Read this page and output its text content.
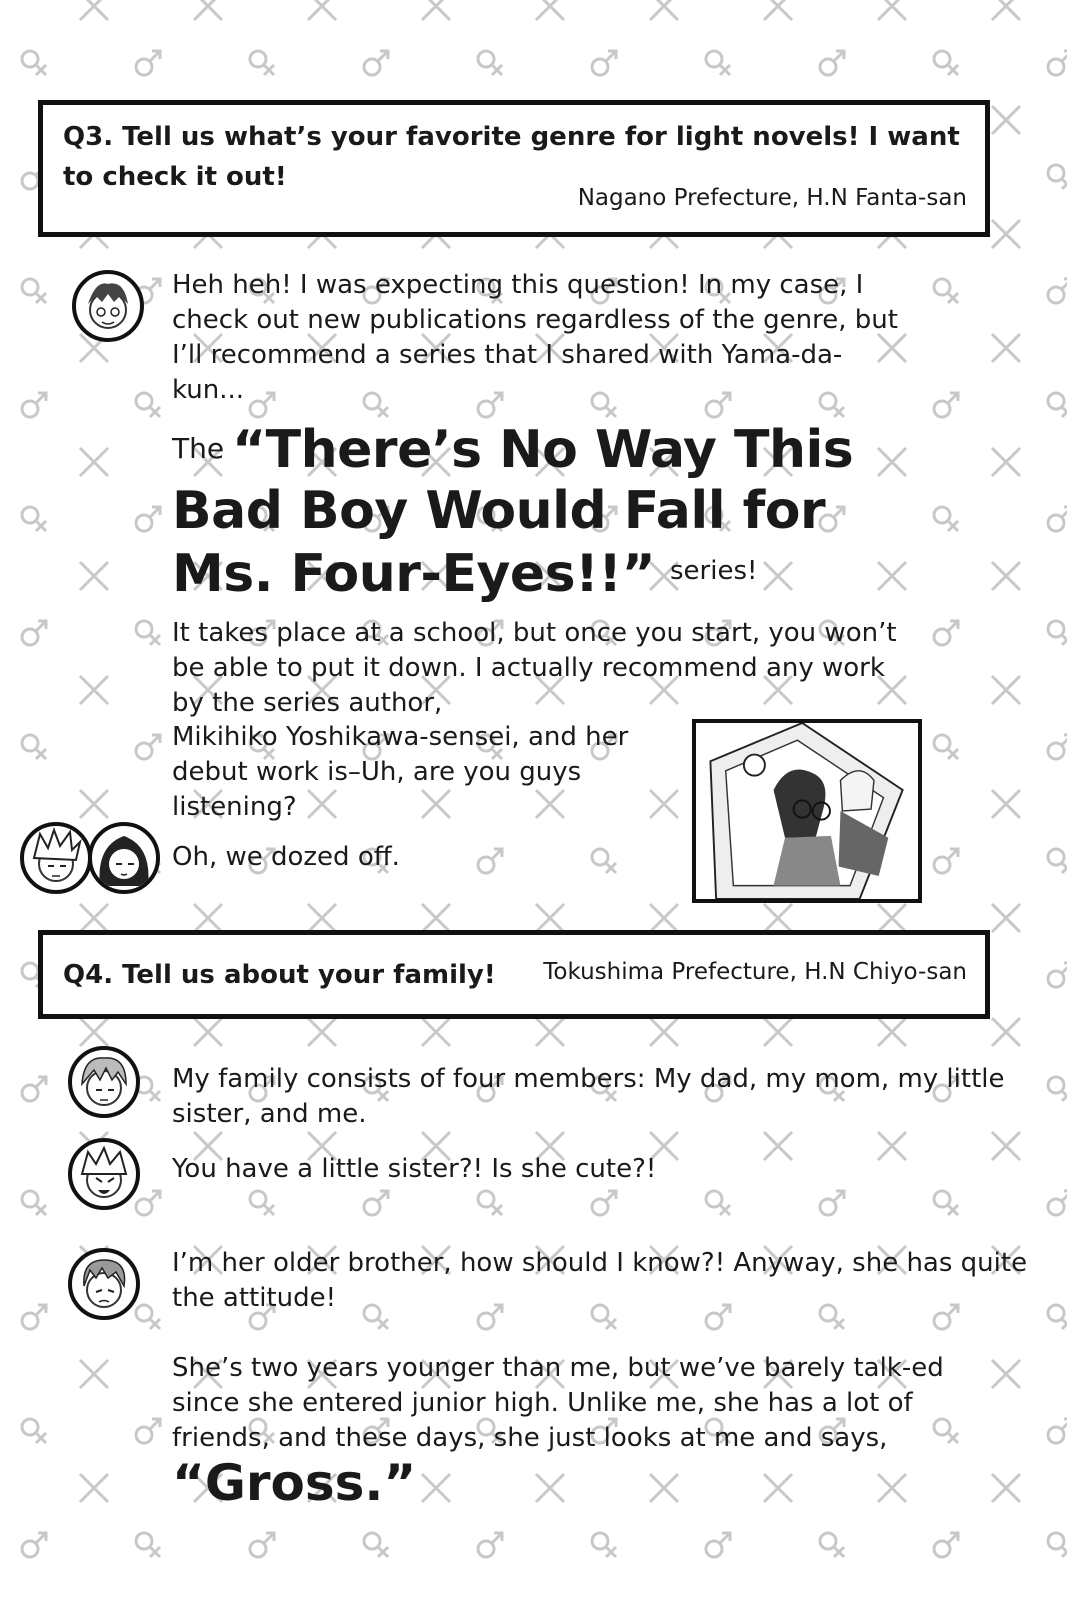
Q3. Tell us what’s your favorite genre for light novels! I want to check it out!

Nagano Prefecture, H.N Fanta-san

Heh heh! I was expecting this question! In my case, I check out new publications regardless of the genre, but I’ll recommend a series that I shared with Yama-da-kun...

The “There’s No Way This
Bad Boy Would Fall for
Ms. Four-Eyes!!” series!

It takes place at a school, but once you start, you won’t be able to put it down. I actually recommend any work by the series author,

Mikihiko Yoshikawa-sensei, and her debut work is–Uh, are you guys listening?

Oh, we dozed off.

Q4. Tell us about your family!	Tokushima Prefecture, H.N Chiyo-san

My family consists of four members: My dad, my mom, my little sister, and me.

You have a little sister?! Is she cute?!

I’m her older brother, how should I know?! Anyway, she has quite the attitude!

She’s two years younger than me, but we’ve barely talk-ed since she entered junior high. Unlike me, she has a lot of friends, and these days, she just looks at me and says,

“Gross.”
